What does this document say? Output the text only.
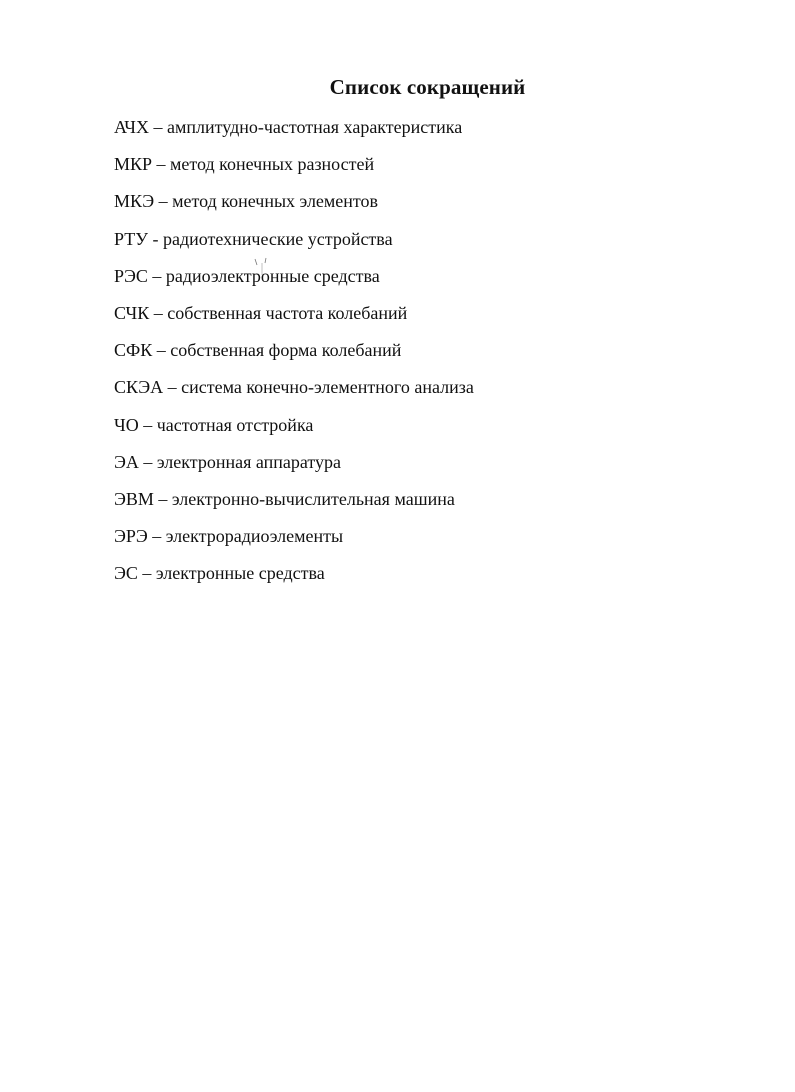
Список сокращений
АЧХ – амплитудно-частотная характеристика
МКР – метод конечных разностей
МКЭ – метод конечных элементов
РТУ - радиотехнические устройства
РЭС – радиоэлектронные средства
СЧК – собственная частота колебаний
СФК – собственная форма колебаний
СКЭА – система конечно-элементного анализа
ЧО – частотная отстройка
ЭА – электронная аппаратура
ЭВМ – электронно-вычислительная машина
ЭРЭ – электрорадиоэлементы
ЭС – электронные средства
